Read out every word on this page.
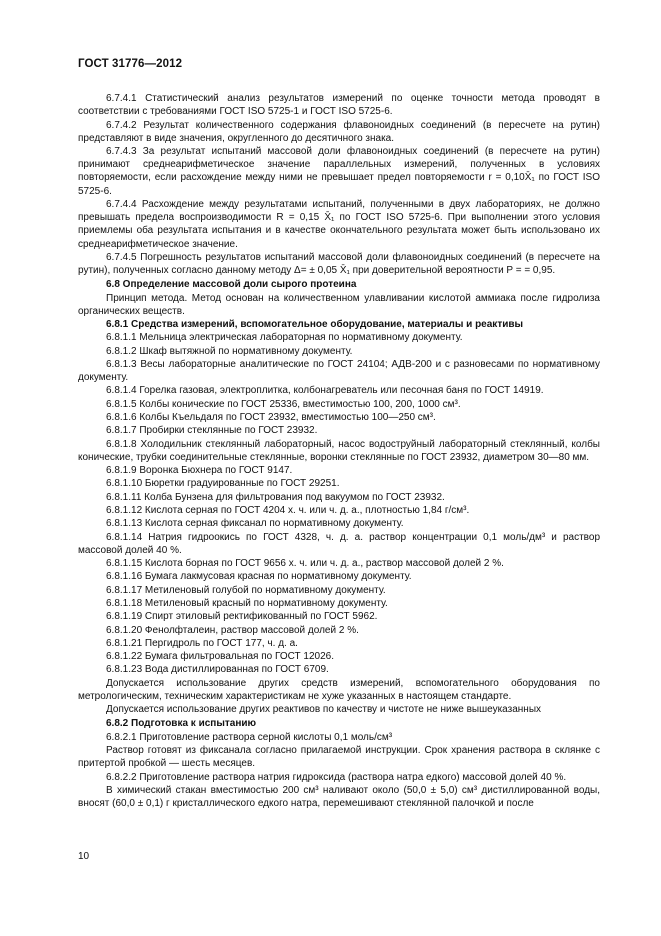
ГОСТ 31776—2012

6.7.4.1 Статистический анализ результатов измерений по оценке точности метода проводят в соответствии с требованиями ГОСТ ISO 5725-1 и ГОСТ ISO 5725-6.

6.7.4.2 Результат количественного содержания флавоноидных соединений (в пересчете на рутин) представляют в виде значения, округленного до десятичного знака.

6.7.4.3 За результат испытаний массовой доли флавоноидных соединений (в пересчете на рутин) принимают среднеарифметическое значение параллельных измерений, полученных в условиях повторяемости, если расхождение между ними не превышает предел повторяемости r = 0,10X̄₁ по ГОСТ ISO 5725-6.

6.7.4.4 Расхождение между результатами испытаний, полученными в двух лабораториях, не должно превышать предела воспроизводимости R = 0,15 X̄₁ по ГОСТ ISO 5725-6. При выполнении этого условия приемлемы оба результата испытания и в качестве окончательного результата может быть использовано их среднеарифметическое значение.

6.7.4.5 Погрешность результатов испытаний массовой доли флавоноидных соединений (в пересчете на рутин), полученных согласно данному методу Δ= ± 0,05 X̄₁ при доверительной вероятности P = = 0,95.

6.8 Определение массовой доли сырого протеина

Принцип метода. Метод основан на количественном улавливании кислотой аммиака после гидролиза органических веществ.

6.8.1 Средства измерений, вспомогательное оборудование, материалы и реактивы

6.8.1.1 Мельница электрическая лабораторная по нормативному документу.

6.8.1.2 Шкаф вытяжной по нормативному документу.

6.8.1.3 Весы лабораторные аналитические по ГОСТ 24104; АДВ-200 и с разновесами по нормативному документу.

6.8.1.4 Горелка газовая, электроплитка, колбонагреватель или песочная баня по ГОСТ 14919.

6.8.1.5 Колбы конические по ГОСТ 25336, вместимостью 100, 200, 1000 см³.

6.8.1.6 Колбы Къельдаля по ГОСТ 23932, вместимостью 100—250 см³.

6.8.1.7 Пробирки стеклянные по ГОСТ 23932.

6.8.1.8 Холодильник стеклянный лабораторный, насос водоструйный лабораторный стеклянный, колбы конические, трубки соединительные стеклянные, воронки стеклянные по ГОСТ 23932, диаметром 30—80 мм.

6.8.1.9 Воронка Бюхнера по ГОСТ 9147.

6.8.1.10 Бюретки градуированные по ГОСТ 29251.

6.8.1.11 Колба Бунзена для фильтрования под вакуумом по ГОСТ 23932.

6.8.1.12 Кислота серная по ГОСТ 4204 х. ч. или ч. д. а., плотностью 1,84 г/см³.

6.8.1.13 Кислота серная фиксанал по нормативному документу.

6.8.1.14 Натрия гидроокись по ГОСТ 4328, ч. д. а. раствор концентрации 0,1 моль/дм³ и раствор массовой долей 40 %.

6.8.1.15 Кислота борная по ГОСТ 9656 х. ч. или ч. д. а., раствор массовой долей 2 %.

6.8.1.16 Бумага лакмусовая красная по нормативному документу.

6.8.1.17 Метиленовый голубой по нормативному документу.

6.8.1.18 Метиленовый красный по нормативному документу.

6.8.1.19 Спирт этиловый ректификованный по ГОСТ 5962.

6.8.1.20 Фенолфталеин, раствор массовой долей 2 %.

6.8.1.21 Пергидроль по ГОСТ 177, ч. д. а.

6.8.1.22 Бумага фильтровальная по ГОСТ 12026.

6.8.1.23 Вода дистиллированная по ГОСТ 6709.

Допускается использование других средств измерений, вспомогательного оборудования по метрологическим, техническим характеристикам не хуже указанных в настоящем стандарте.

Допускается использование других реактивов по качеству и чистоте не ниже вышеуказанных

6.8.2 Подготовка к испытанию

6.8.2.1 Приготовление раствора серной кислоты 0,1 моль/см³

Раствор готовят из фиксанала согласно прилагаемой инструкции. Срок хранения раствора в склянке с притертой пробкой — шесть месяцев.

6.8.2.2 Приготовление раствора натрия гидроксида (раствора натра едкого) массовой долей 40 %.

В химический стакан вместимостью 200 см³ наливают около (50,0 ± 5,0) см³ дистиллированной воды, вносят (60,0 ± 0,1) г кристаллического едкого натра, перемешивают стеклянной палочкой и после

10
